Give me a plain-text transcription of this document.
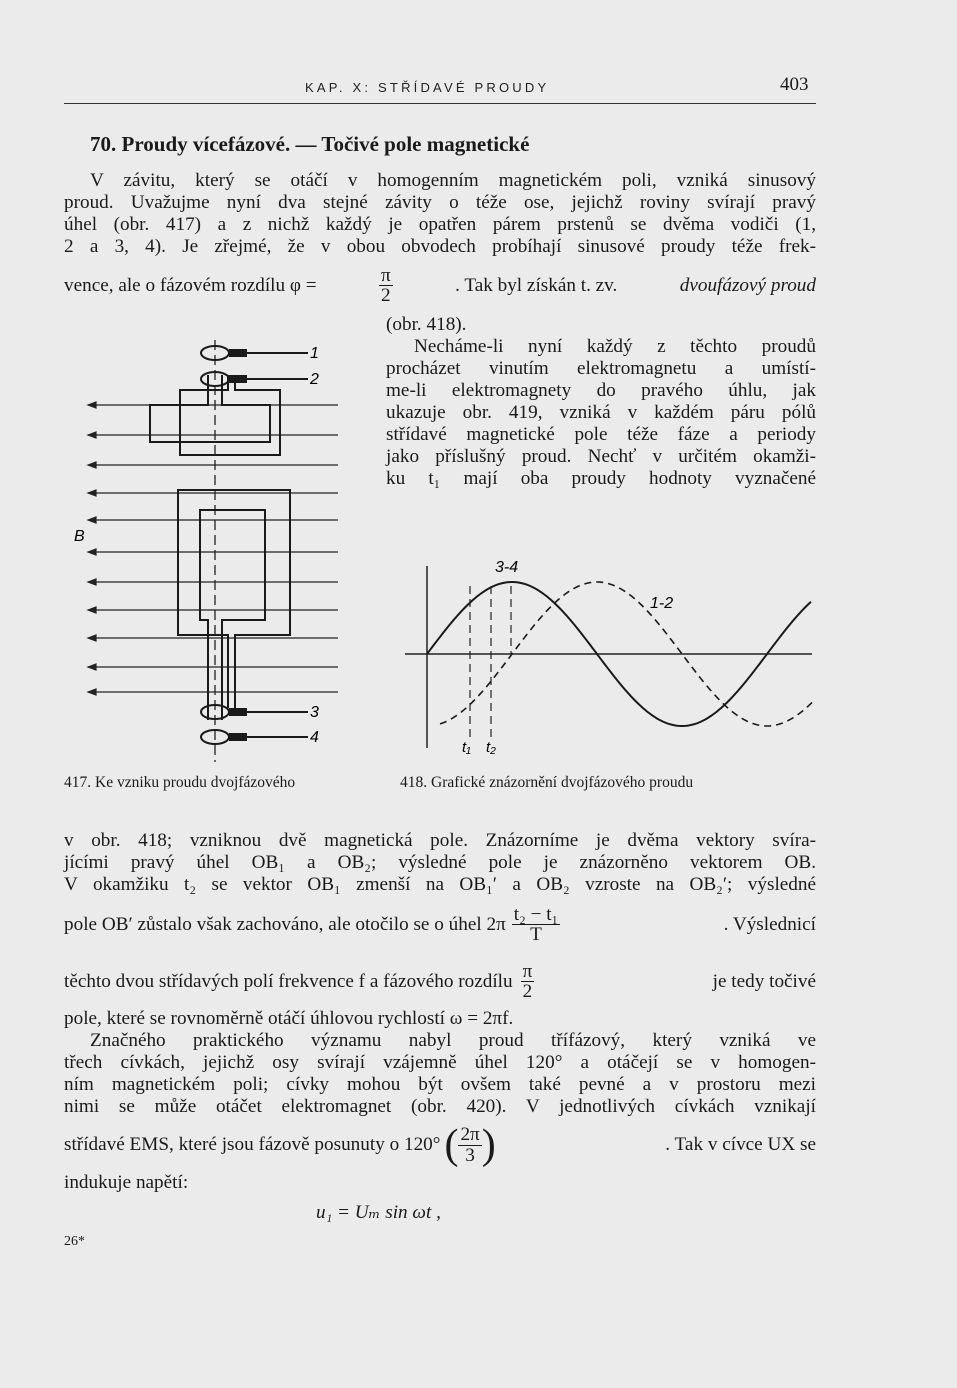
KAP. X: STŘÍDAVÉ PROUDY	403
70. Proudy vícefázové. — Točivé pole magnetické

V závitu, který se otáčí v homogenním magnetickém poli, vzniká sinusový

proud. Uvažujme nyní dva stejné závity o téže ose, jejichž roviny svírají pravý

úhel (obr. 417) a z nichž každý je opatřen párem prstenů se dvěma vodiči (1,

2 a 3, 4). Je zřejmé, že v obou obvodech probíhají sinusové proudy téže frek-

vence, ale o fázovém rozdílu φ =	$\frac{\pi}{2}$	. Tak byl získán t. zv.	dvoufázový proud

(obr. 418).

Necháme-li nyní každý z těchto proudů

procházet vinutím elektromagnetu a umístí-

me-li elektromagnety do pravého úhlu, jak

ukazuje obr. 419, vzniká v každém páru pólů

střídavé magnetické pole téže fáze a periody

jako příslušný proud. Nechť v určitém okamži-

ku t₁ mají oba proudy hodnoty vyznačené

1
2
3
4
B
417. Ke vzniku proudu dvojfázového
3-4
1-2
t₁ t₂
418. Grafické znázornění dvojfázového proudu

v obr. 418; vzniknou dvě magnetická pole. Znázorníme je dvěma vektory svíra-

jícími pravý úhel OB₁ a OB₂; výsledné pole je znázorněno vektorem OB.

V okamžiku t₂ se vektor OB₁ zmenší na OB₁′ a OB₂ vzroste na OB₂′; výsledné

pole OB′ zůstalo však zachováno, ale otočilo se o úhel $2\pi \frac{\text{t₂ − t₁}}{T}$	. Výslednicí
těchto dvou střídavých polí frekvence f a fázového rozdílu $\frac{\pi}{2}$	je tedy točivé

pole, které se rovnoměrně otáčí úhlovou rychlostí ω = 2πf.

Značného praktického významu nabyl proud třífázový, který vzniká ve

třech cívkách, jejichž osy svírají vzájemně úhel 120° a otáčejí se v homogen-

ním magnetickém poli; cívky mohou být ovšem také pevné a v prostoru mezi

nimi se může otáčet elektromagnet (obr. 420). V jednotlivých cívkách vznikají

střídavé EMS, které jsou fázově posunuty o 120° ( $\frac{2\pi}{3}$ )	. Tak v cívce UX se
indukuje napětí:
u₁ = Uₘ sin ωt ,
26*
